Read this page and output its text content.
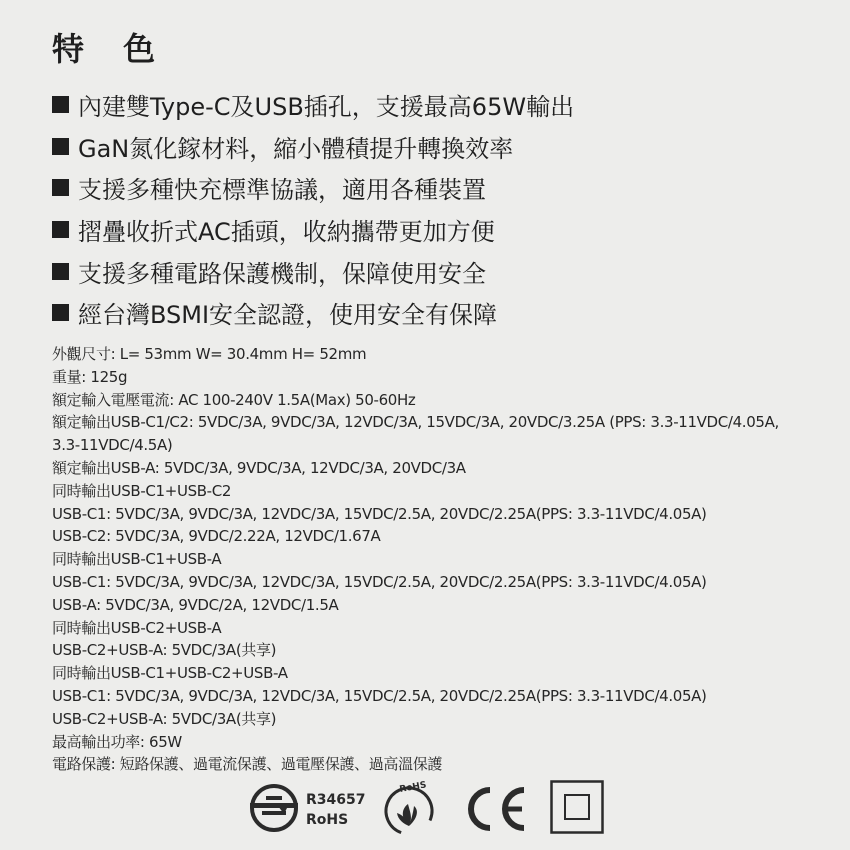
特 色
內建雙Type-C及USB插孔，支援最高65W輸出
GaN氮化鎵材料，縮小體積提升轉換效率
支援多種快充標準協議，適用各種裝置
摺疊收折式AC插頭，收納攜帶更加方便
支援多種電路保護機制，保障使用安全
經台灣BSMI安全認證，使用安全有保障
外觀尺寸: L= 53mm W= 30.4mm H= 52mm
重量: 125g
額定輸入電壓電流: AC 100-240V 1.5A(Max) 50-60Hz
額定輸出USB-C1/C2: 5VDC/3A, 9VDC/3A, 12VDC/3A, 15VDC/3A, 20VDC/3.25A (PPS: 3.3-11VDC/4.05A,
3.3-11VDC/4.5A)
額定輸出USB-A: 5VDC/3A, 9VDC/3A, 12VDC/3A, 20VDC/3A
同時輸出USB-C1+USB-C2
USB-C1: 5VDC/3A, 9VDC/3A, 12VDC/3A, 15VDC/2.5A, 20VDC/2.25A(PPS: 3.3-11VDC/4.05A)
USB-C2: 5VDC/3A, 9VDC/2.22A, 12VDC/1.67A
同時輸出USB-C1+USB-A
USB-C1: 5VDC/3A, 9VDC/3A, 12VDC/3A, 15VDC/2.5A, 20VDC/2.25A(PPS: 3.3-11VDC/4.05A)
USB-A: 5VDC/3A, 9VDC/2A, 12VDC/1.5A
同時輸出USB-C2+USB-A
USB-C2+USB-A: 5VDC/3A(共享)
同時輸出USB-C1+USB-C2+USB-A
USB-C1: 5VDC/3A, 9VDC/3A, 12VDC/3A, 15VDC/2.5A, 20VDC/2.25A(PPS: 3.3-11VDC/4.05A)
USB-C2+USB-A: 5VDC/3A(共享)
最高輸出功率: 65W
電路保護: 短路保護、過電流保護、過電壓保護、過高溫保護
R34657
RoHS
RoHS
